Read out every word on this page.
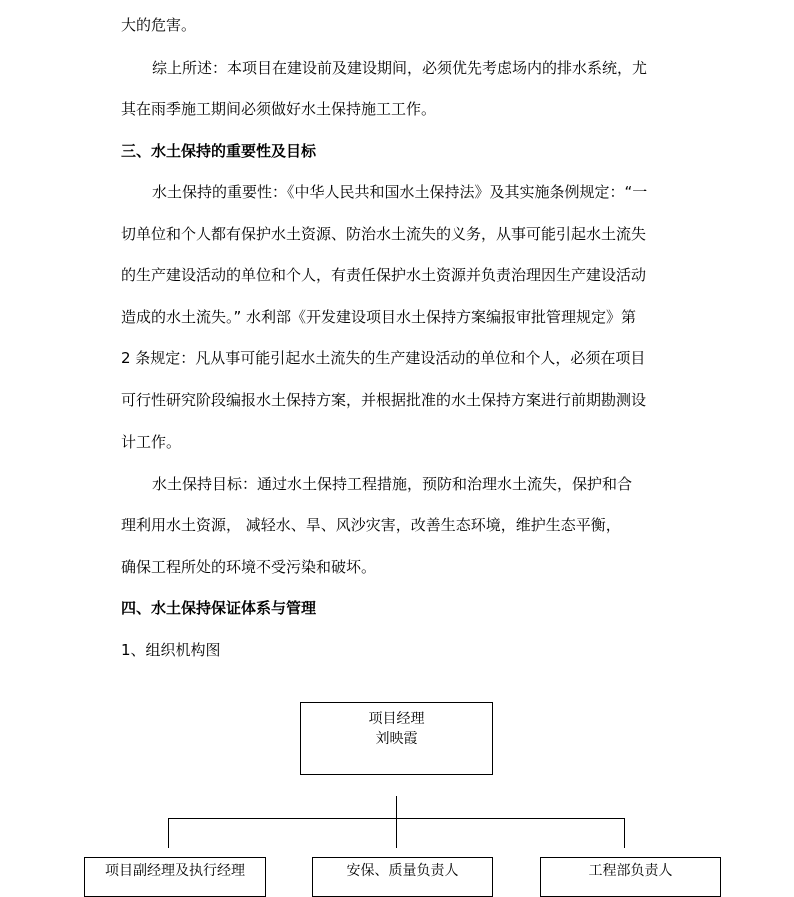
大的危害。
综上所述：本项目在建设前及建设期间，必须优先考虑场内的排水系统，尤
其在雨季施工期间必须做好水土保持施工工作。
三、水土保持的重要性及目标
水土保持的重要性：《中华人民共和国水土保持法》及其实施条例规定：“一
切单位和个人都有保护水土资源、防治水土流失的义务，从事可能引起水土流失
的生产建设活动的单位和个人，有责任保护水土资源并负责治理因生产建设活动
造成的水土流失。” 水利部《开发建设项目水土保持方案编报审批管理规定》第
2 条规定：凡从事可能引起水土流失的生产建设活动的单位和个人，必须在项目
可行性研究阶段编报水土保持方案，并根据批准的水土保持方案进行前期勘测设
计工作。
水土保持目标：通过水土保持工程措施，预防和治理水土流失，保护和合
理利用水土资源， 减轻水、旱、风沙灾害，改善生态环境，维护生态平衡，
确保工程所处的环境不受污染和破坏。
四、水土保持保证体系与管理
1、组织机构图
项目经理
刘映霞
项目副经理及执行经理	安保、质量负责人	工程部负责人
